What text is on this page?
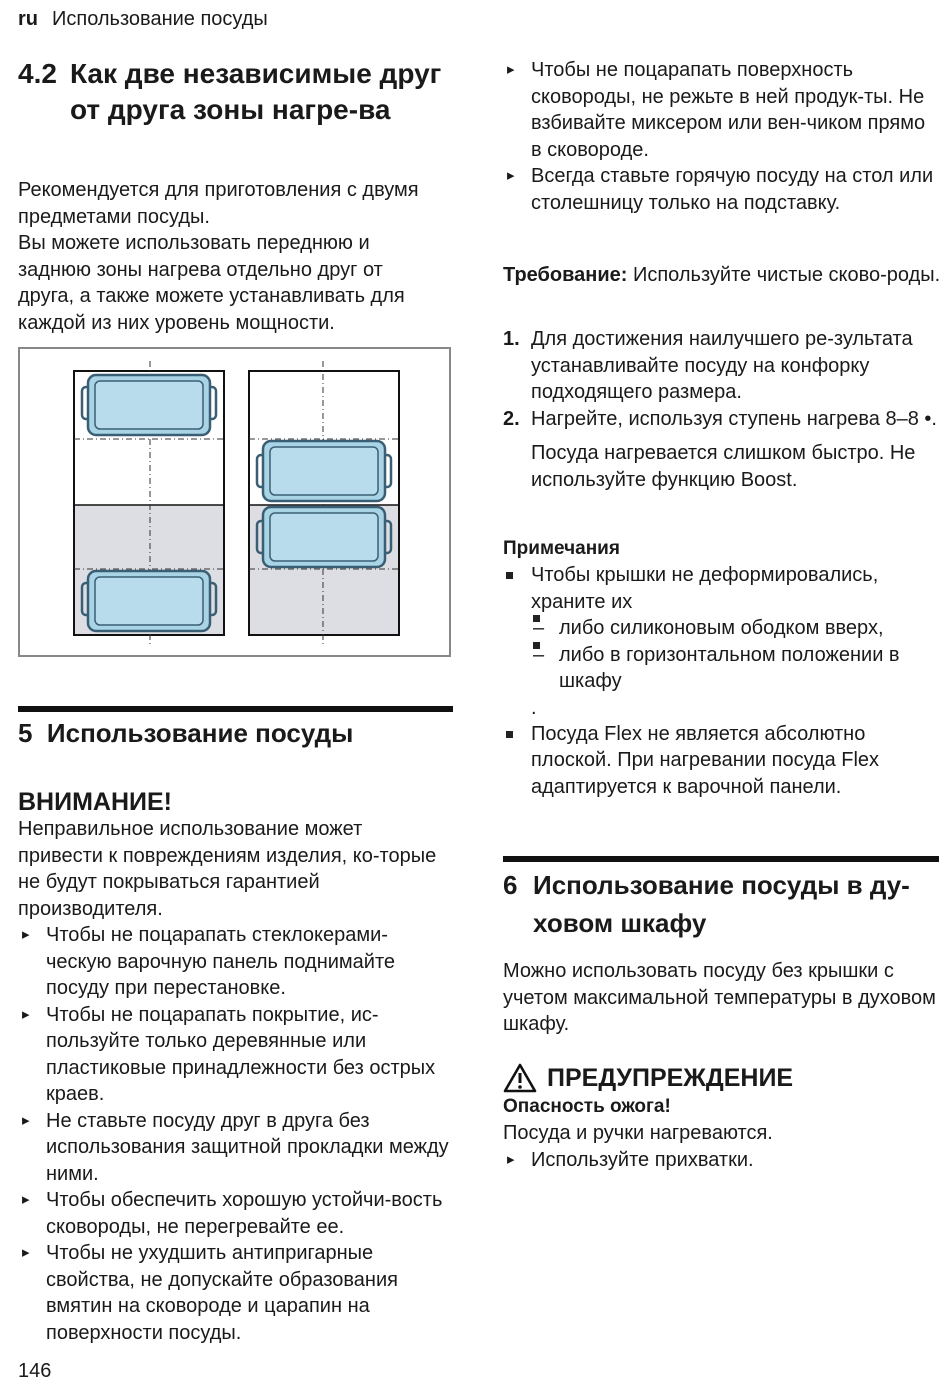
ru Использование посуды
4.2 Как две независимые друг от друга зоны нагре-ва

Рекомендуется для приготовления с двумя предметами посуды.

Вы можете использовать переднюю и заднюю зоны нагрева отдельно друг от друга, а также можете устанавливать для каждой из них уровень мощности.

5 Использование посуды
ВНИМАНИЕ!

Неправильное использование может привести к повреждениям изделия, ко-торые не будут покрываться гарантией производителя.

▸ Чтобы не поцарапать стеклокерами-ческую варочную панель поднимайте посуду при перестановке.
▸ Чтобы не поцарапать покрытие, ис-пользуйте только деревянные или пластиковые принадлежности без острых краев.
▸ Не ставьте посуду друг в друга без использования защитной прокладки между ними.
▸ Чтобы обеспечить хорошую устойчи-вость сковороды, не перегревайте ее.
▸ Чтобы не ухудшить антипригарные свойства, не допускайте образования вмятин на сковороде и царапин на поверхности посуды.
▸ Чтобы не поцарапать поверхность сковороды, не режьте в ней продук-ты. Не взбивайте миксером или вен-чиком прямо в сковороде.
▸ Всегда ставьте горячую посуду на стол или столешницу только на подставку.

Требование: Используйте чистые сково-роды.

1. Для достижения наилучшего ре-зультата устанавливайте посуду на конфорку подходящего размера.
2. Нагрейте, используя ступень нагрева 8–8 •.

Посуда нагревается слишком быстро. Не используйте функцию Boost.

Примечания
Чтобы крышки не деформировались, храните их
– либо силиконовым ободком вверх,
– либо в горизонтальном положении в шкафу
.
Посуда Flex не является абсолютно плоской. При нагревании посуда Flex адаптируется к варочной панели.
6 Использование посуды в ду-ховом шкафу

Можно использовать посуду без крышки с учетом максимальной температуры в духовом шкафу.

ПРЕДУПРЕЖДЕНИЕ
Опасность ожога!

Посуда и ручки нагреваются.

▸ Используйте прихватки.
146
